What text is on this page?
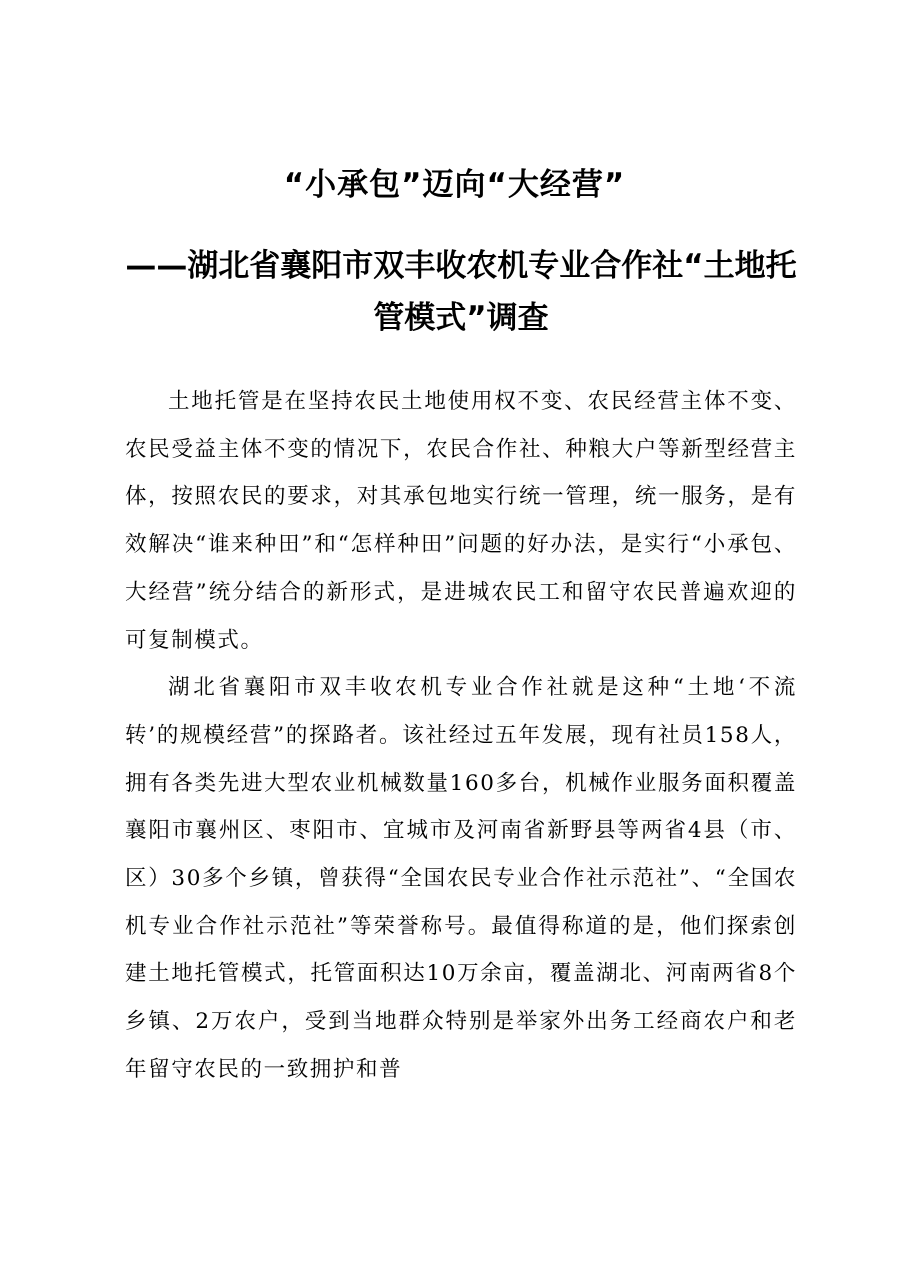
“小承包”迈向“大经营”
——湖北省襄阳市双丰收农机专业合作社“土地托管模式”调查

土地托管是在坚持农民土地使用权不变、农民经营主体不变、农民受益主体不变的情况下，农民合作社、种粮大户等新型经营主体，按照农民的要求，对其承包地实行统一管理，统一服务，是有效解决“谁来种田”和“怎样种田”问题的好办法，是实行“小承包、大经营”统分结合的新形式，是进城农民工和留守农民普遍欢迎的可复制模式。

湖北省襄阳市双丰收农机专业合作社就是这种“土地‘不流转’的规模经营”的探路者。该社经过五年发展，现有社员158人，拥有各类先进大型农业机械数量160多台，机械作业服务面积覆盖襄阳市襄州区、枣阳市、宜城市及河南省新野县等两省4县（市、区）30多个乡镇，曾获得“全国农民专业合作社示范社”、“全国农机专业合作社示范社”等荣誉称号。最值得称道的是，他们探索创建土地托管模式，托管面积达10万余亩，覆盖湖北、河南两省8个乡镇、2万农户，受到当地群众特别是举家外出务工经商农户和老年留守农民的一致拥护和普
